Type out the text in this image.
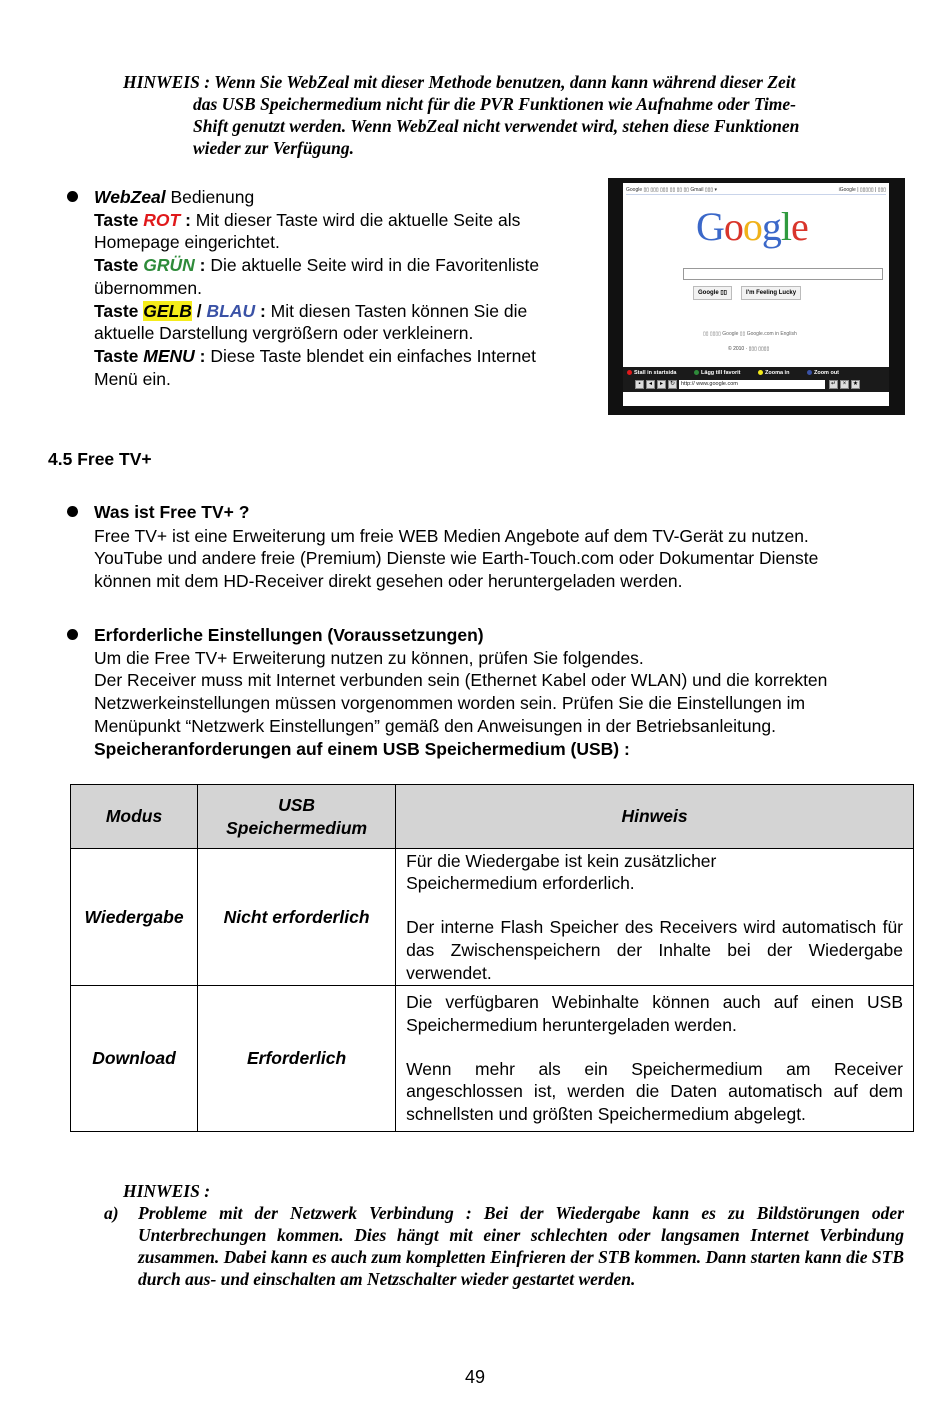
HINWEIS : Wenn Sie WebZeal mit dieser Methode benutzen, dann kann während dieser Zeit
das USB Speichermedium nicht für die PVR Funktionen wie Aufnahme oder Time-
Shift genutzt werden. Wenn WebZeal nicht verwendet wird, stehen diese Funktionen
wieder zur Verfügung.
WebZeal Bedienung
Taste ROT : Mit dieser Taste wird die aktuelle Seite als
Homepage eingerichtet.
Taste GRÜN : Die aktuelle Seite wird in die Favoritenliste
übernommen.
Taste GELB / BLAU : Mit diesen Tasten können Sie die
aktuelle Darstellung vergrößern oder verkleinern.
Taste MENU : Diese Taste blendet ein einfaches Internet
Menü ein.
Google ▯▯ ▯▯▯ ▯▯▯ ▯▯ ▯▯ ▯▯ Gmail ▯▯▯ ▾	iGoogle | ▯▯▯▯▯ | ▯▯▯
Google
Google ▯▯	I'm Feeling Lucky
▯▯ ▯▯▯▯ Google ▯▯ Google.com in English
© 2010 · ▯▯▯ ▯▯▯▯
Stall in startsida	Lägg till favorit	Zooma in	Zoom out
▪	◂	▸	↻	http:// www.google.com	↵	×	★
4.5 Free TV+
Was ist Free TV+ ?
Free TV+ ist eine Erweiterung um freie WEB Medien Angebote auf dem TV-Gerät zu nutzen.
YouTube und andere freie (Premium) Dienste wie Earth-Touch.com oder Dokumentar Dienste
können mit dem HD-Receiver direkt gesehen oder heruntergeladen werden.
Erforderliche Einstellungen (Voraussetzungen)
Um die Free TV+ Erweiterung nutzen zu können, prüfen Sie folgendes.
Der Receiver muss mit Internet verbunden sein (Ethernet Kabel oder WLAN) und die korrekten
Netzwerkeinstellungen müssen vorgenommen worden sein. Prüfen Sie die Einstellungen im
Menüpunkt “Netzwerk Einstellungen” gemäß den Anweisungen in der Betriebsanleitung.
Speicheranforderungen auf einem USB Speichermedium (USB) :
Modus	USB Speichermedium	Hinweis
Wiedergabe	Nicht erforderlich	Für die Wiedergabe ist kein zusätzlicher Speichermedium erforderlich.

Der interne Flash Speicher des Receivers wird automatisch für das Zwischenspeichern der Inhalte bei der Wiedergabe verwendet.

Download	Erforderlich	Die verfügbaren Webinhalte können auch auf einen USB Speichermedium heruntergeladen werden.

Wenn mehr als ein Speichermedium am Receiver angeschlossen ist, werden die Daten automatisch auf dem schnellsten und größten Speichermedium abgelegt.

HINWEIS :
a)	Probleme mit der Netzwerk Verbindung : Bei der Wiedergabe kann es zu Bildstörungen oder Unterbrechungen kommen. Dies hängt mit einer schlechten oder langsamen Internet Verbindung zusammen. Dabei kann es auch zum kompletten Einfrieren der STB kommen. Dann starten kann die STB durch aus- und einschalten am Netzschalter wieder gestartet werden.
49
